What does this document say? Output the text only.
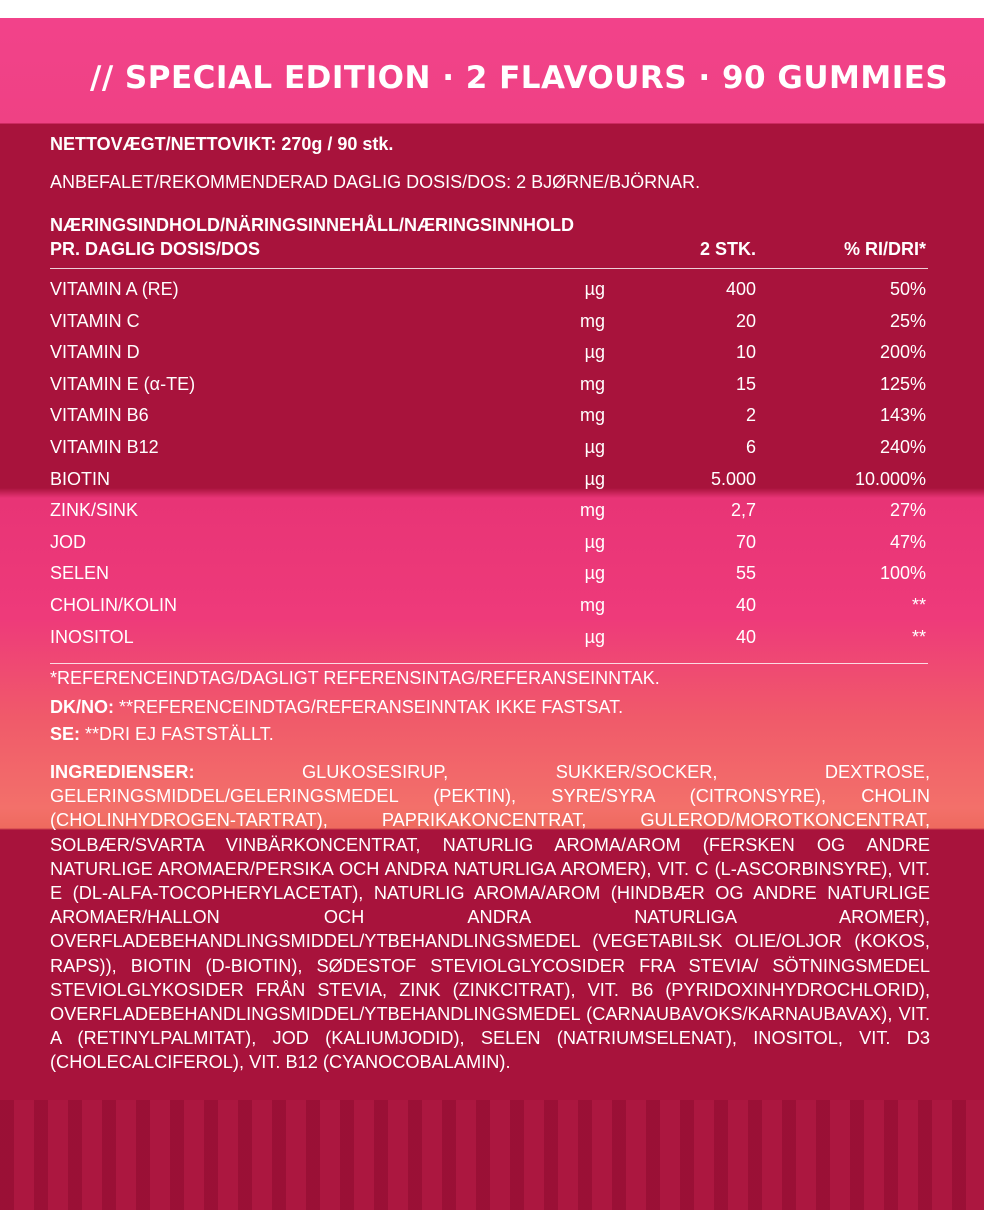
// SPECIAL EDITION · 2 FLAVOURS · 90 GUMMIES
NETTOVÆGT/NETTOVIKT: 270g / 90 stk.
ANBEFALET/REKOMMENDERAD DAGLIG DOSIS/DOS: 2 BJØRNE/BJÖRNAR.
NÆRINGSINDHOLD/NÄRINGSINNEHÅLL/NÆRINGSINNHOLD
PR. DAGLIG DOSIS/DOS	2 STK.	% RI/DRI*
VITAMIN A (RE)	µg	400	50%
VITAMIN C	mg	20	25%
VITAMIN D	µg	10	200%
VITAMIN E (α-TE)	mg	15	125%
VITAMIN B6	mg	2	143%
VITAMIN B12	µg	6	240%
BIOTIN	µg	5.000	10.000%
ZINK/SINK	mg	2,7	27%
JOD	µg	70	47%
SELEN	µg	55	100%
CHOLIN/KOLIN	mg	40	**
INOSITOL	µg	40	**
*REFERENCEINDTAG/DAGLIGT REFERENSINTAG/REFERANSEINNTAK.
DK/NO: **REFERENCEINDTAG/REFERANSEINNTAK IKKE FASTSAT.
SE: **DRI EJ FASTSTÄLLT.
INGREDIENSER: GLUKOSESIRUP, SUKKER/SOCKER, DEXTROSE, GELERINGSMIDDEL/GELERINGSMEDEL (PEKTIN), SYRE/SYRA (CITRONSYRE), CHOLIN (CHOLINHYDROGEN-TARTRAT), PAPRIKAKONCENTRAT, GULEROD/MOROTKONCENTRAT, SOLBÆR/SVARTA VINBÄRKONCENTRAT, NATURLIG AROMA/AROM (FERSKEN OG ANDRE NATURLIGE AROMAER/PERSIKA OCH ANDRA NATURLIGA AROMER), VIT. C (L-ASCORBINSYRE), VIT. E (DL-ALFA-TOCOPHERYLACETAT), NATURLIG AROMA/AROM (HINDBÆR OG ANDRE NATURLIGE AROMAER/HALLON OCH ANDRA NATURLIGA AROMER), OVERFLADEBEHANDLINGSMIDDEL/YTBEHANDLINGSMEDEL (VEGETABILSK OLIE/OLJOR (KOKOS, RAPS)), BIOTIN (D-BIOTIN), SØDESTOF STEVIOLGLYCOSIDER FRA STEVIA/ SÖTNINGSMEDEL STEVIOLGLYKOSIDER FRÅN STEVIA, ZINK (ZINKCITRAT), VIT. B6 (PYRIDOXINHYDROCHLORID), OVERFLADEBEHANDLINGSMIDDEL/YTBEHANDLINGSMEDEL (CARNAUBAVOKS/KARNAUBAVAX), VIT. A (RETINYLPALMITAT), JOD (KALIUMJODID), SELEN (NATRIUMSELENAT), INOSITOL, VIT. D3 (CHOLECALCIFEROL), VIT. B12 (CYANOCOBALAMIN).
